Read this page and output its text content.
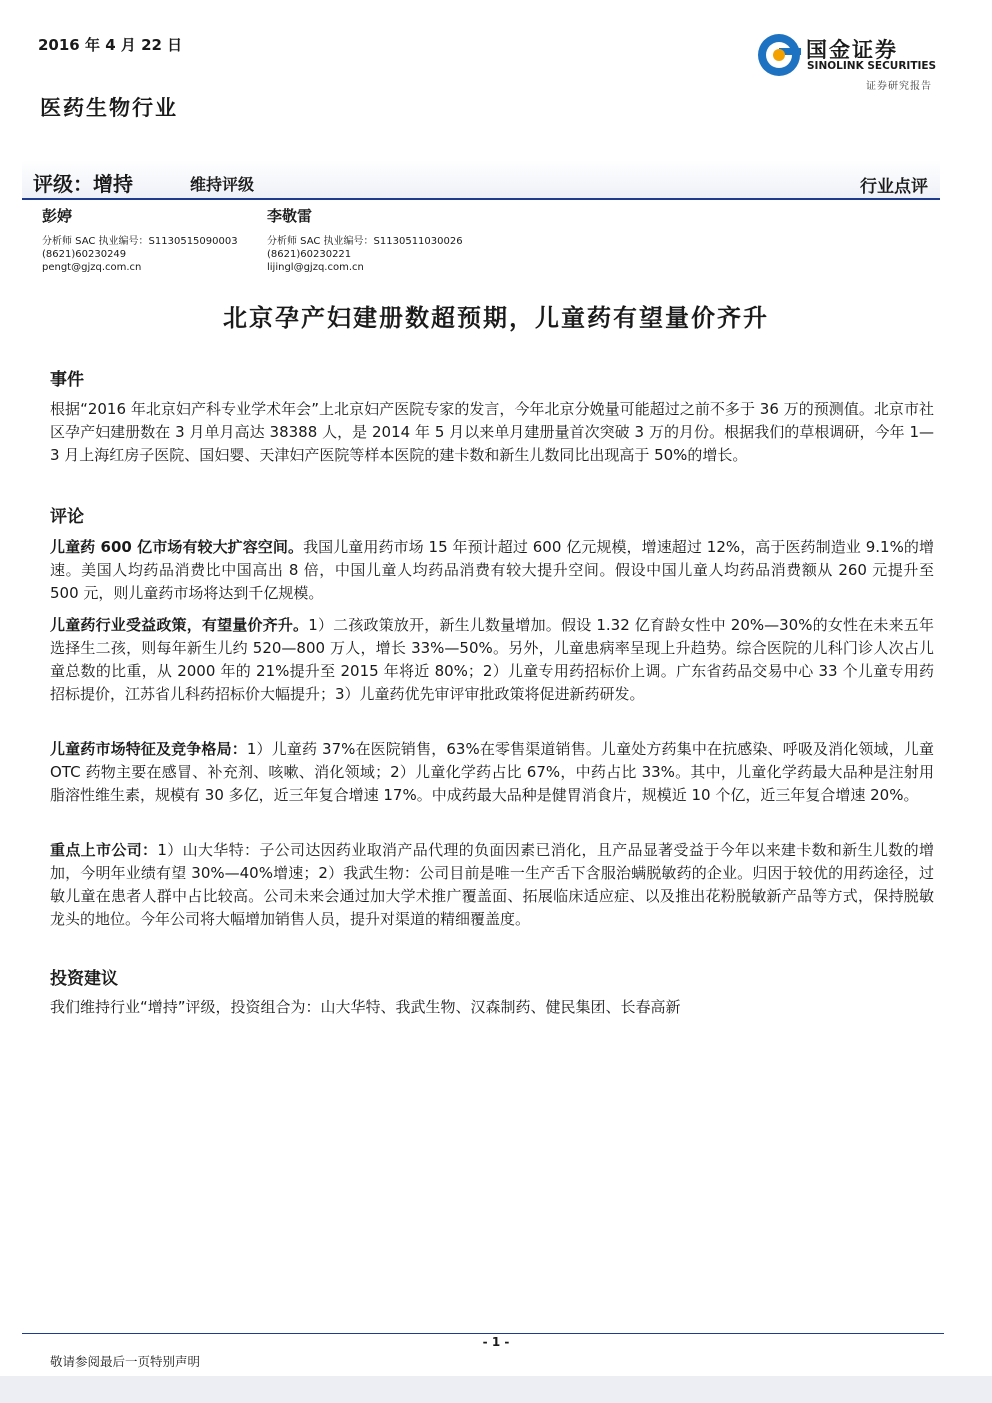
2016 年 4 月 22 日
医药生物行业
国金证券
SINOLINK SECURITIES
证券研究报告
评级：增持	维持评级	行业点评
彭婷
分析师 SAC 执业编号：S1130515090003
(8621)60230249
pengt@gjzq.com.cn
李敬雷
分析师 SAC 执业编号：S1130511030026
(8621)60230221
lijingl@gjzq.com.cn
北京孕产妇建册数超预期，儿童药有望量价齐升
事件
根据“2016 年北京妇产科专业学术年会”上北京妇产医院专家的发言，今年北京分娩量可能超过之前不多于 36 万的预测值。北京市社区孕产妇建册数在 3 月单月高达 38388 人，是 2014 年 5 月以来单月建册量首次突破 3 万的月份。根据我们的草根调研，今年 1—3 月上海红房子医院、国妇婴、天津妇产医院等样本医院的建卡数和新生儿数同比出现高于 50%的增长。
评论
儿童药 600 亿市场有较大扩容空间。我国儿童用药市场 15 年预计超过 600 亿元规模，增速超过 12%，高于医药制造业 9.1%的增速。美国人均药品消费比中国高出 8 倍，中国儿童人均药品消费有较大提升空间。假设中国儿童人均药品消费额从 260 元提升至 500 元，则儿童药市场将达到千亿规模。
儿童药行业受益政策，有望量价齐升。1）二孩政策放开，新生儿数量增加。假设 1.32 亿育龄女性中 20%—30%的女性在未来五年选择生二孩，则每年新生儿约 520—800 万人，增长 33%—50%。另外，儿童患病率呈现上升趋势。综合医院的儿科门诊人次占儿童总数的比重，从 2000 年的 21%提升至 2015 年将近 80%；2）儿童专用药招标价上调。广东省药品交易中心 33 个儿童专用药招标提价，江苏省儿科药招标价大幅提升；3）儿童药优先审评审批政策将促进新药研发。
儿童药市场特征及竞争格局：1）儿童药 37%在医院销售，63%在零售渠道销售。儿童处方药集中在抗感染、呼吸及消化领域，儿童 OTC 药物主要在感冒、补充剂、咳嗽、消化领域；2）儿童化学药占比 67%，中药占比 33%。其中，儿童化学药最大品种是注射用脂溶性维生素，规模有 30 多亿，近三年复合增速 17%。中成药最大品种是健胃消食片，规模近 10 个亿，近三年复合增速 20%。
重点上市公司：1）山大华特：子公司达因药业取消产品代理的负面因素已消化，且产品显著受益于今年以来建卡数和新生儿数的增加，今明年业绩有望 30%—40%增速；2）我武生物：公司目前是唯一生产舌下含服治螨脱敏药的企业。归因于较优的用药途径，过敏儿童在患者人群中占比较高。公司未来会通过加大学术推广覆盖面、拓展临床适应症、以及推出花粉脱敏新产品等方式，保持脱敏龙头的地位。今年公司将大幅增加销售人员，提升对渠道的精细覆盖度。
投资建议
我们维持行业“增持”评级，投资组合为：山大华特、我武生物、汉森制药、健民集团、长春高新
- 1 -
敬请参阅最后一页特别声明
